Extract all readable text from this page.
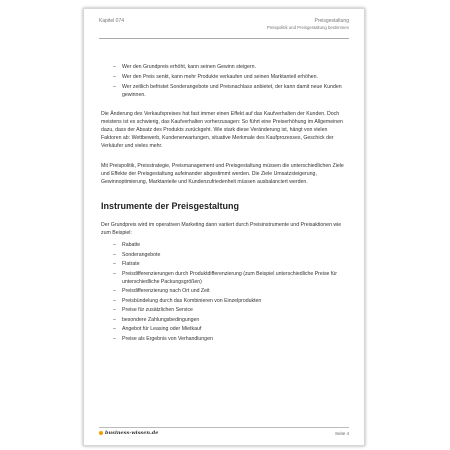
Kapitel 074	Preisgestaltung
Preispolitik und Preisgestaltung bestimmen
– Wer den Grundpreis erhöht, kann seinen Gewinn steigern.
– Wer den Preis senkt, kann mehr Produkte verkaufen und seinen Marktanteil erhöhen.
– Wer zeitlich befristet Sonderangebote und Preisnachlass anbietet, der kann damit neue Kunden gewinnen.

Die Änderung des Verkaufspreises hat fast immer einen Effekt auf das Kaufverhalten der Kunden. Doch meistens ist es schwierig, das Kaufverhalten vorherzusagen: So führt eine Preiserhöhung im Allgemeinen dazu, dass der Absatz des Produkts zurückgeht. Wie stark diese Veränderung ist, hängt von vielen Faktoren ab: Wettbewerb, Kundenerwartungen, situative Merkmale des Kaufprozesses, Geschick der Verkäufer und vieles mehr.

Mit Preispolitik, Preisstrategie, Preismanagement und Preisgestaltung müssen die unterschiedlichen Ziele und Effekte der Preisgestaltung aufeinander abgestimmt werden. Die Ziele Umsatzsteigerung, Gewinnoptimierung, Marktanteile und Kundenzufriedenheit müssen ausbalanciert werden.

Instrumente der Preisgestaltung

Der Grundpreis wird im operativen Marketing dann variiert durch Preisinstrumente und Preisaktionen wie zum Beispiel:

– Rabatte
– Sonderangebote
– Flatrate
– Preisdifferenzierungen durch Produktdifferenzierung (zum Beispiel unterschiedliche Preise für unterschiedliche Packungsgrößen)
– Preisdifferenzierung nach Ort und Zeit
– Preisbündelung durch das Kombinieren von Einzelprodukten
– Preise für zusätzlichen Service
– besondere Zahlungsbedingungen
– Angebot für Leasing oder Mietkauf
– Preise als Ergebnis von Verhandlungen
business-wissen.de	Seite 4
